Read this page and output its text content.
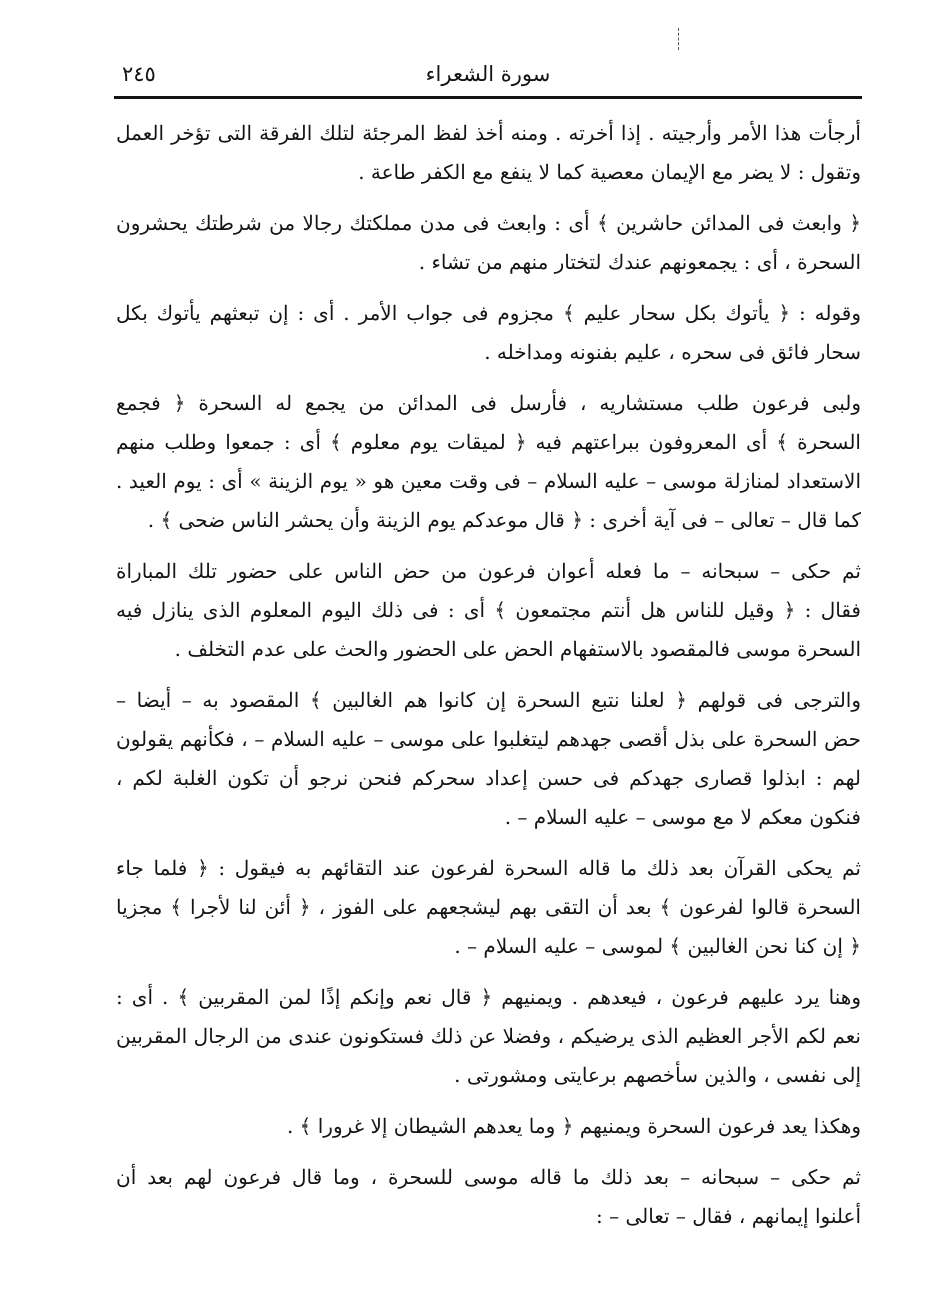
٢٤٥	سورة الشعراء

أرجأت هذا الأمر وأرجيته . إذا أخرته . ومنه أخذ لفظ المرجئة لتلك الفرقة التى تؤخر العمل
وتقول : لا يضر مع الإيمان معصية كما لا ينفع مع الكفر طاعة .

﴿ وابعث فى المدائن حاشرين ﴾ أى : وابعث فى مدن مملكتك رجالا من شرطتك يحشرون
السحرة ، أى : يجمعونهم عندك لتختار منهم من تشاء .

وقوله : ﴿ يأتوك بكل سحار عليم ﴾ مجزوم فى جواب الأمر . أى : إن تبعثهم يأتوك بكل
سحار فائق فى سحره ، عليم بفنونه ومداخله .

ولبى فرعون طلب مستشاريه ، فأرسل فى المدائن من يجمع له السحرة ﴿ فجمع
السحرة ﴾ أى المعروفون ببراعتهم فيه ﴿ لميقات يوم معلوم ﴾ أى : جمعوا وطلب منهم
الاستعداد لمنازلة موسى – عليه السلام – فى وقت معين هو « يوم الزينة » أى : يوم العيد .
كما قال – تعالى – فى آية أخرى : ﴿ قال موعدكم يوم الزينة وأن يحشر الناس ضحى ﴾ .

ثم حكى – سبحانه – ما فعله أعوان فرعون من حض الناس على حضور تلك المباراة
فقال : ﴿ وقيل للناس هل أنتم مجتمعون ﴾ أى : فى ذلك اليوم المعلوم الذى ينازل فيه
السحرة موسى فالمقصود بالاستفهام الحض على الحضور والحث على عدم التخلف .

والترجى فى قولهم ﴿ لعلنا نتبع السحرة إن كانوا هم الغالبين ﴾ المقصود به – أيضا –
حض السحرة على بذل أقصى جهدهم ليتغلبوا على موسى – عليه السلام – ، فكأنهم يقولون
لهم : ابذلوا قصارى جهدكم فى حسن إعداد سحركم فنحن نرجو أن تكون الغلبة لكم ،
فنكون معكم لا مع موسى – عليه السلام – .

ثم يحكى القرآن بعد ذلك ما قاله السحرة لفرعون عند التقائهم به فيقول : ﴿ فلما جاء
السحرة قالوا لفرعون ﴾ بعد أن التقى بهم ليشجعهم على الفوز ، ﴿ أئن لنا لأجرا ﴾ مجزيا
﴿ إن كنا نحن الغالبين ﴾ لموسى – عليه السلام – .

وهنا يرد عليهم فرعون ، فيعدهم . ويمنيهم ﴿ قال نعم وإنكم إذًا لمن المقربين ﴾ . أى :
نعم لكم الأجر العظيم الذى يرضيكم ، وفضلا عن ذلك فستكونون عندى من الرجال المقربين
إلى نفسى ، والذين سأخصهم برعايتى ومشورتى .

وهكذا يعد فرعون السحرة ويمنيهم ﴿ وما يعدهم الشيطان إلا غرورا ﴾ .

ثم حكى – سبحانه – بعد ذلك ما قاله موسى للسحرة ، وما قال فرعون لهم بعد أن
أعلنوا إيمانهم ، فقال – تعالى – :
